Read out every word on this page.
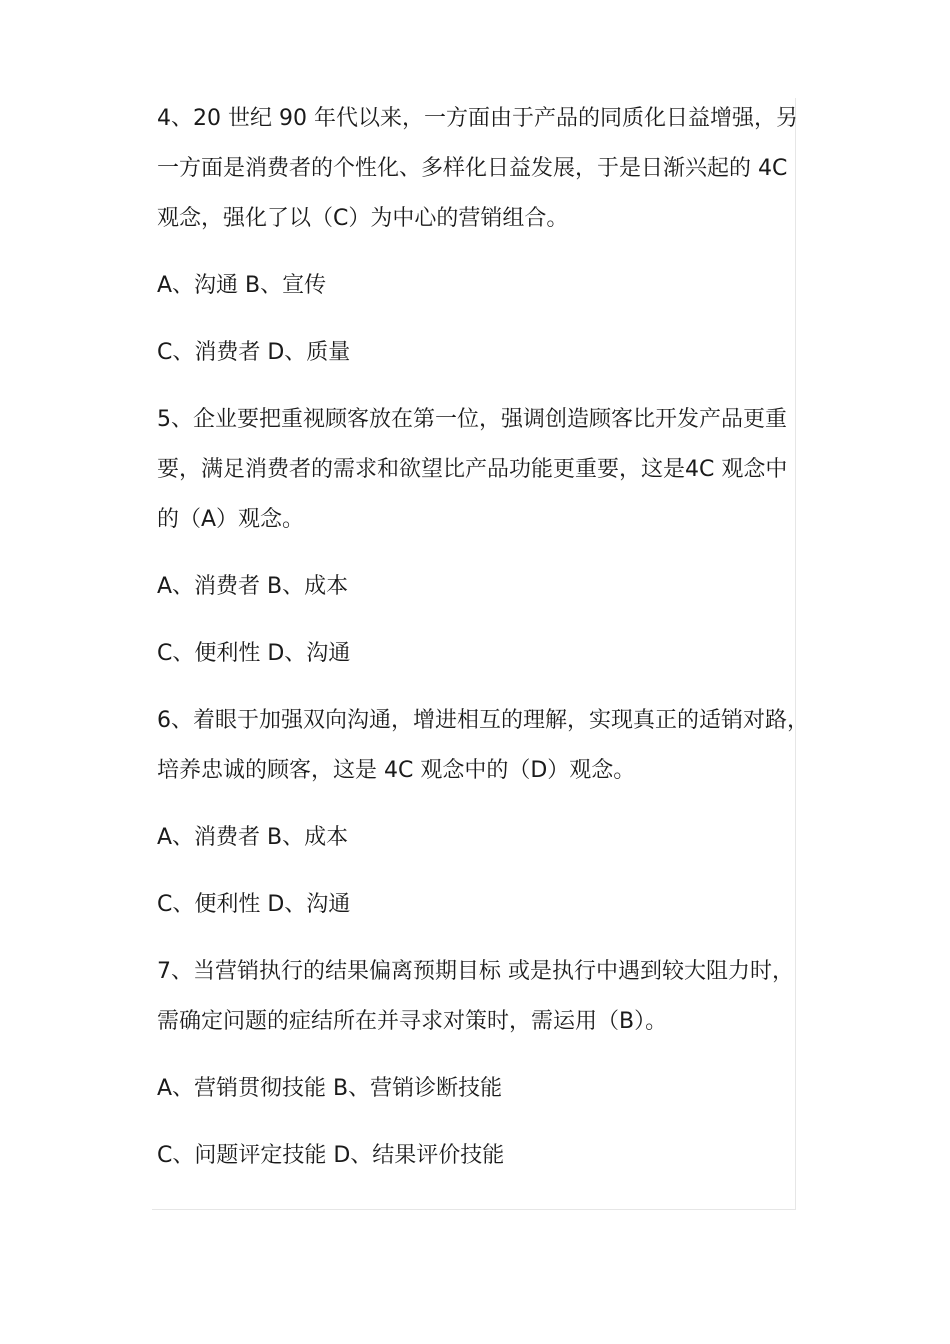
4、20 世纪 90 年代以来，一方面由于产品的同质化日益增强，另
一方面是消费者的个性化、多样化日益发展，于是日渐兴起的 4C
观念，强化了以（C）为中心的营销组合。
A、沟通 B、宣传
C、消费者 D、质量
5、企业要把重视顾客放在第一位，强调创造顾客比开发产品更重
要，满足消费者的需求和欲望比产品功能更重要，这是4C 观念中
的（A）观念。
A、消费者 B、成本
C、便利性 D、沟通
6、着眼于加强双向沟通，增进相互的理解，实现真正的适销对路，
培养忠诚的顾客，这是 4C 观念中的（D）观念。
A、消费者 B、成本
C、便利性 D、沟通
7、当营销执行的结果偏离预期目标 或是执行中遇到较大阻力时，
需确定问题的症结所在并寻求对策时，需运用（B）。
A、营销贯彻技能 B、营销诊断技能
C、问题评定技能 D、结果评价技能
